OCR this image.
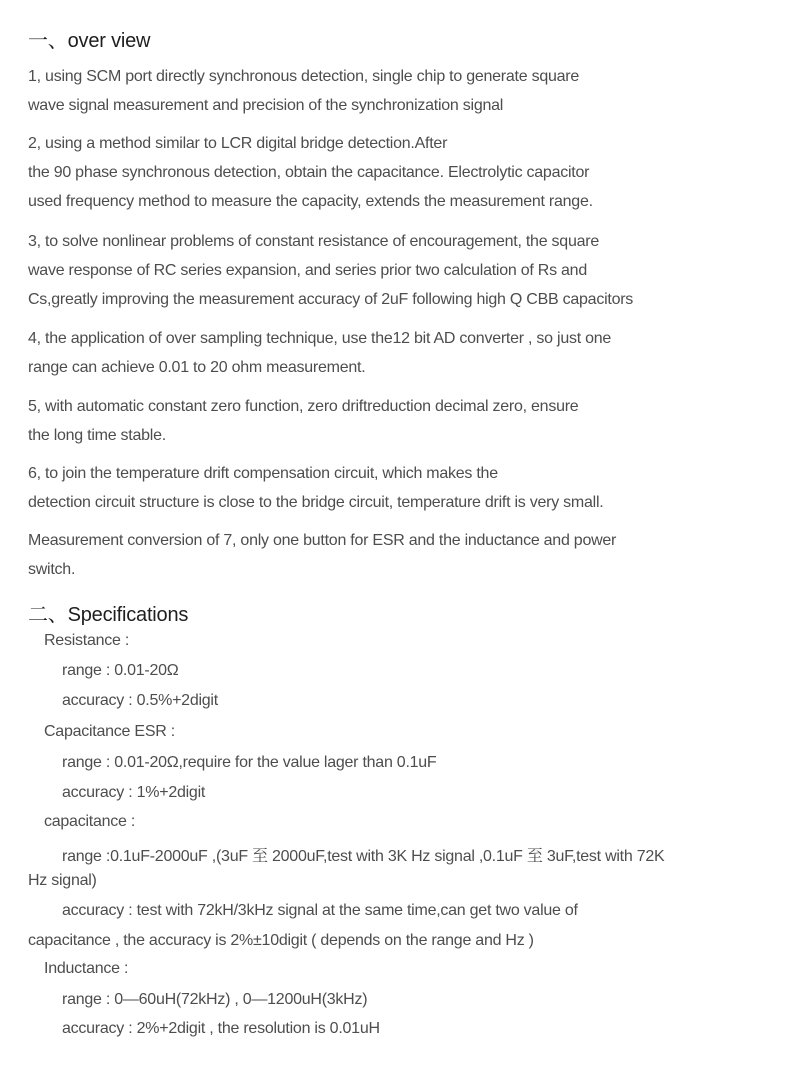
一、over view
1, using SCM port directly synchronous detection, single chip to generate square
wave signal measurement and precision of the synchronization signal
2, using a method similar to LCR digital bridge detection.After
the 90 phase synchronous detection, obtain the capacitance. Electrolytic capacitor
used frequency method to measure the capacity, extends the measurement range.
3, to solve nonlinear problems of constant resistance of encouragement, the square
wave response of RC series expansion, and series prior two calculation of Rs and
Cs,greatly improving the measurement accuracy of 2uF following high Q CBB capacitors
4, the application of over sampling technique, use the12 bit AD converter , so just one
range can achieve 0.01 to 20 ohm measurement.
5, with automatic constant zero function, zero driftreduction decimal zero, ensure
the long time stable.
6, to join the temperature drift compensation circuit, which makes the
detection circuit structure is close to the bridge circuit, temperature drift is very small.
Measurement conversion of 7, only one button for ESR and the inductance and power
switch.
二、Specifications
Resistance :
range : 0.01-20Ω
accuracy : 0.5%+2digit
Capacitance ESR :
range : 0.01-20Ω,require for the value lager than 0.1uF
accuracy : 1%+2digit
capacitance :
range :0.1uF-2000uF ,(3uF 至 2000uF,test with 3K Hz signal ,0.1uF 至 3uF,test with 72K
Hz signal)
accuracy : test with 72kH/3kHz signal at the same time,can get two value of
capacitance , the accuracy is 2%±10digit ( depends on the range and Hz )
Inductance :
range : 0—60uH(72kHz) , 0—1200uH(3kHz)
accuracy : 2%+2digit , the resolution is 0.01uH
